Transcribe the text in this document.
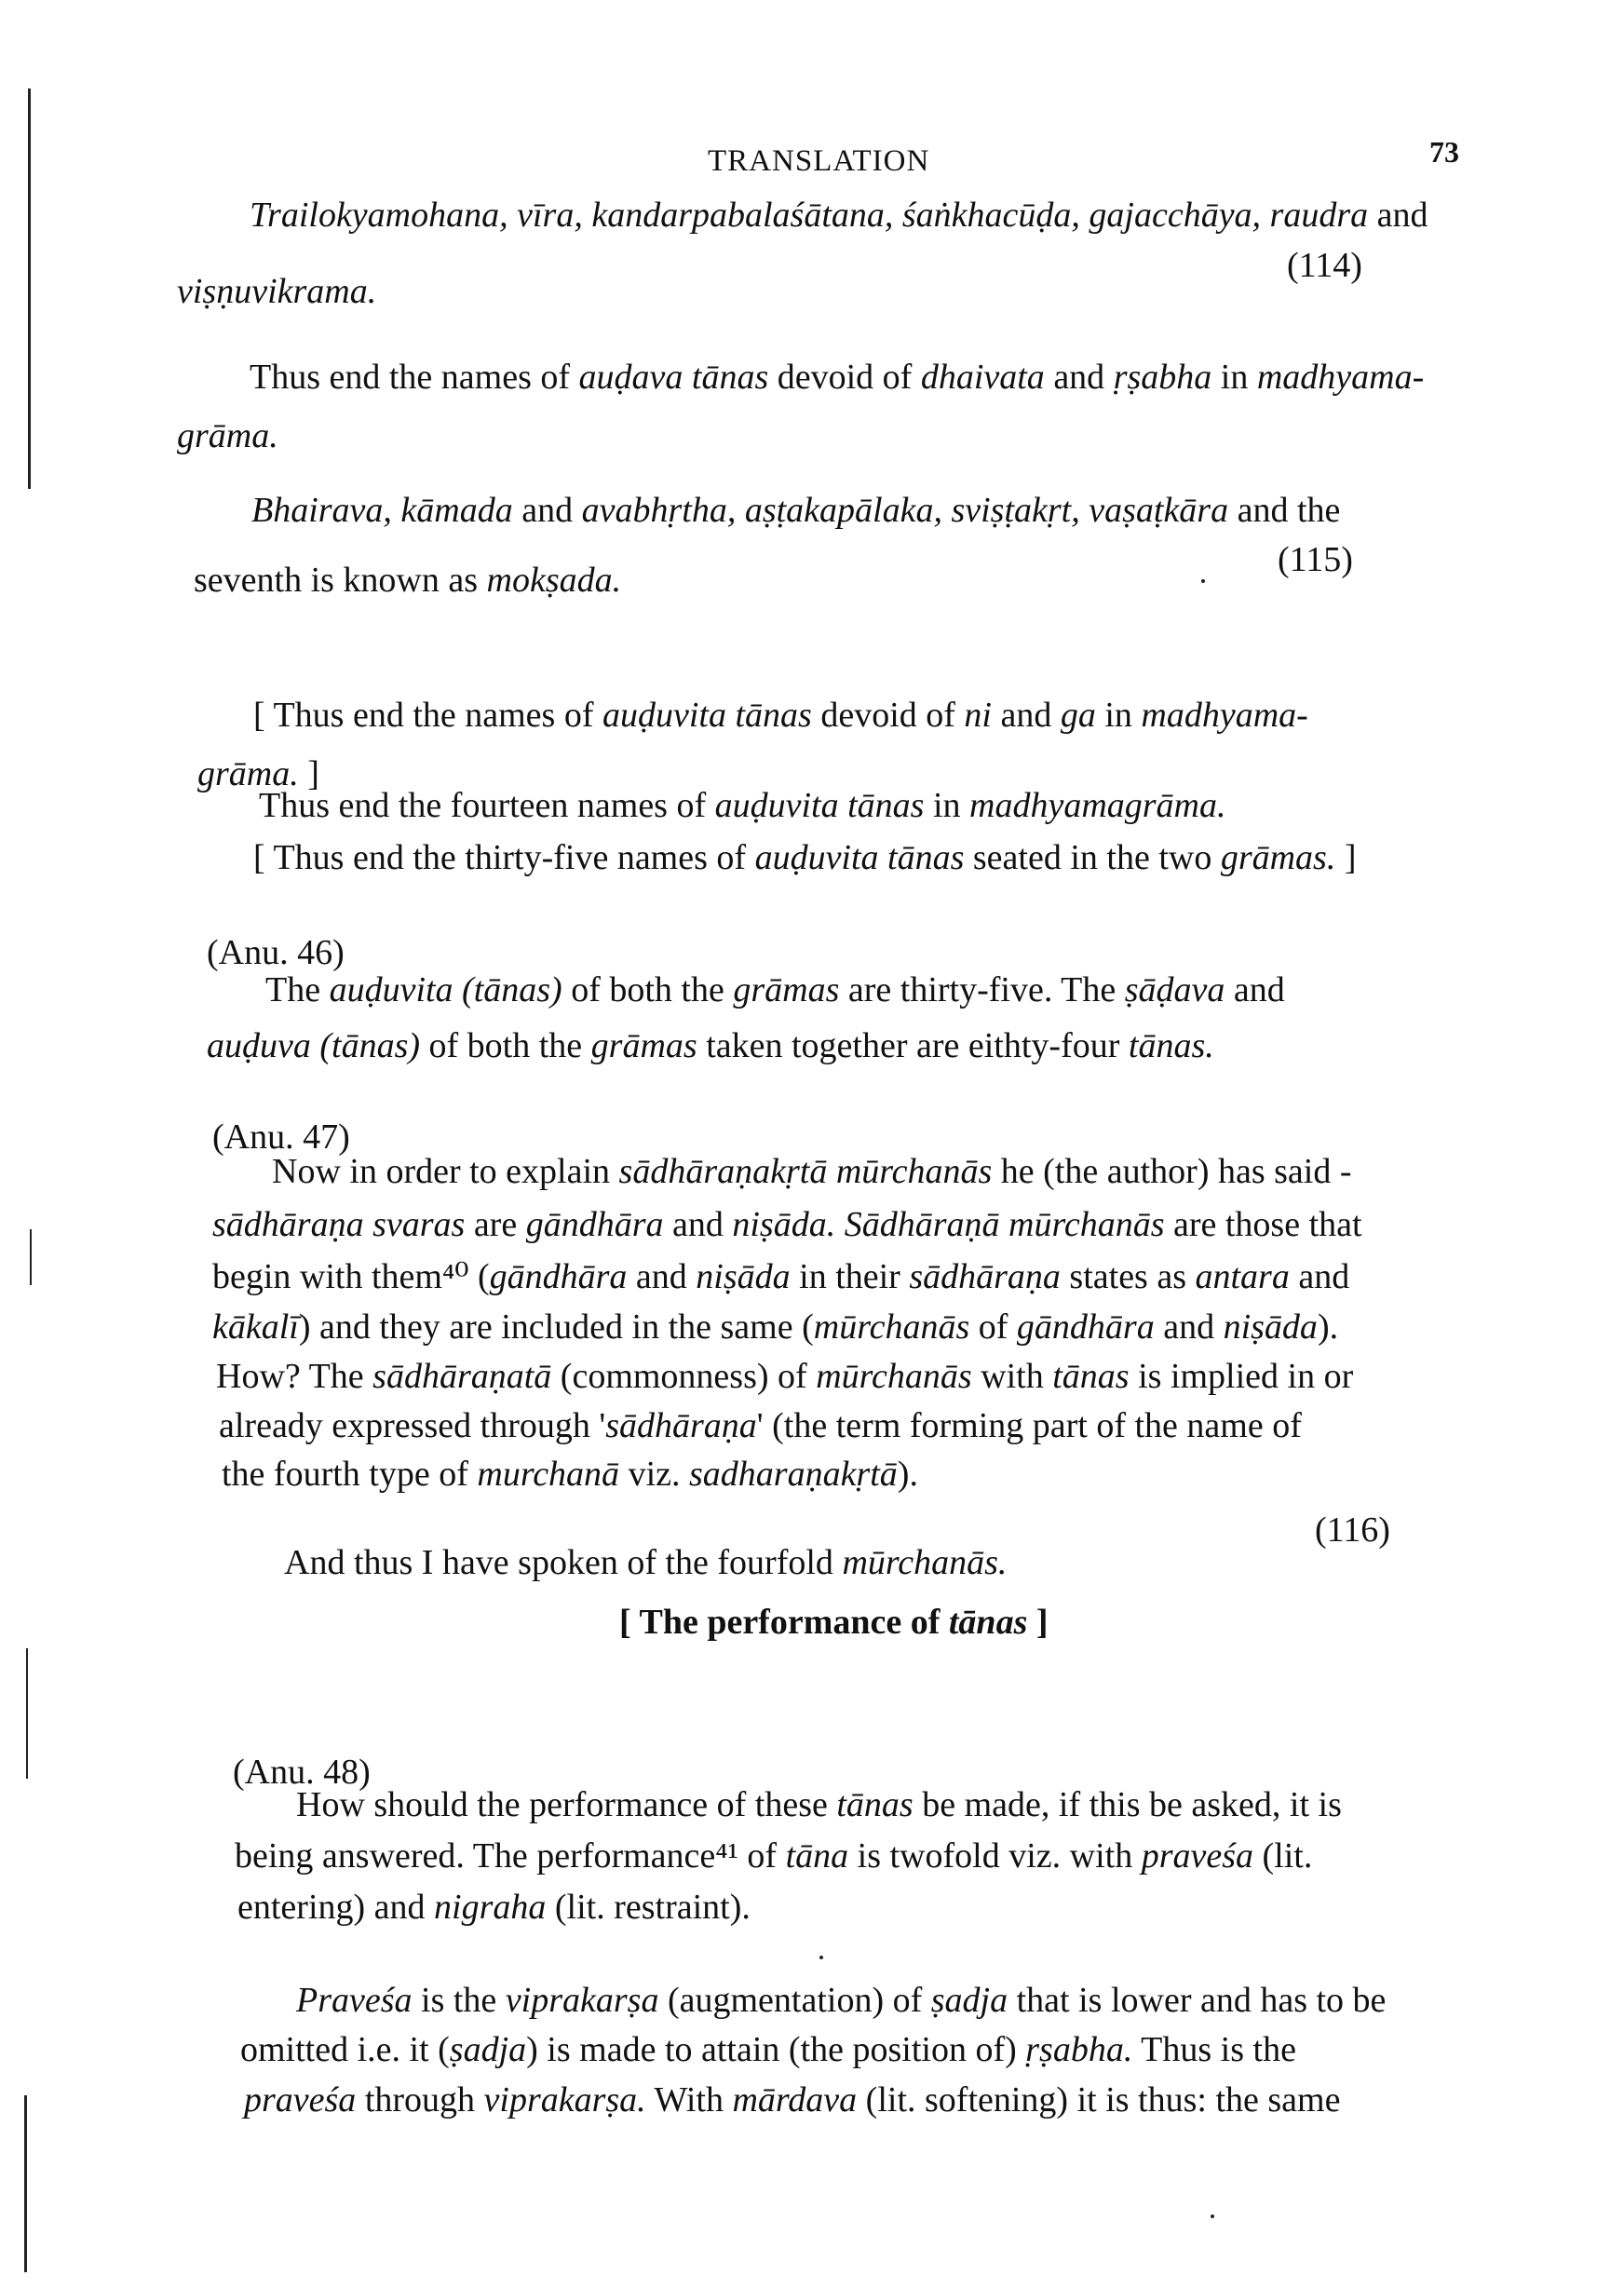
TRANSLATION	73
Trailokyamohana, vīra, kandarpabalaśātana, śaṅkhacūḍa, gajacchāya, raudra and
(114)
viṣṇuvikrama.
Thus end the names of auḍava tānas devoid of dhaivata and ṛṣabha in madhyama-
grāma.
Bhairava, kāmada and avabhṛtha, aṣṭakapālaka, sviṣṭakṛt, vaṣaṭkāra and the
(115)
seventh is known as mokṣada.
[ Thus end the names of auḍuvita tānas devoid of ni and ga in madhyama-
grāma. ]
Thus end the fourteen names of auḍuvita tānas in madhyamagrāma.
[ Thus end the thirty-five names of auḍuvita tānas seated in the two grāmas. ]
(Anu. 46)
The auḍuvita (tānas) of both the grāmas are thirty-five. The ṣāḍava and
auḍuva (tānas) of both the grāmas taken together are eithty-four tānas.
(Anu. 47)
Now in order to explain sādhāraṇakṛtā mūrchanās he (the author) has said -
sādhāraṇa svaras are gāndhāra and niṣāda. Sādhāraṇā mūrchanās are those that
begin with them⁴⁰ (gāndhāra and niṣāda in their sādhāraṇa states as antara and
kākalī) and they are included in the same (mūrchanās of gāndhāra and niṣāda).
How? The sādhāraṇatā (commonness) of mūrchanās with tānas is implied in or
already expressed through 'sādhāraṇa' (the term forming part of the name of
the fourth type of murchanā viz. sadharaṇakṛtā).
And thus I have spoken of the fourfold mūrchanās.
(116)
[ The performance of tānas ]
(Anu. 48)
How should the performance of these tānas be made, if this be asked, it is
being answered. The performance⁴¹ of tāna is twofold viz. with praveśa (lit.
entering) and nigraha (lit. restraint).
Praveśa is the viprakarṣa (augmentation) of ṣadja that is lower and has to be
omitted i.e. it (ṣadja) is made to attain (the position of) ṛṣabha. Thus is the
praveśa through viprakarṣa. With mārdava (lit. softening) it is thus: the same
